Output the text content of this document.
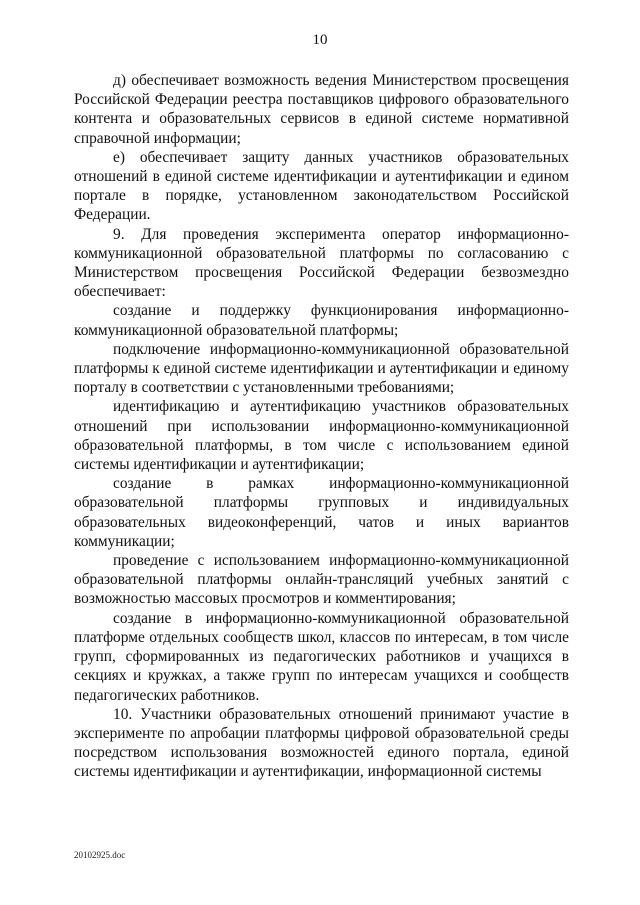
10

д) обеспечивает возможность ведения Министерством просвещения Российской Федерации реестра поставщиков цифрового образовательного контента и образовательных сервисов в единой системе нормативной справочной информации;

е) обеспечивает защиту данных участников образовательных отношений в единой системе идентификации и аутентификации и едином портале в порядке, установленном законодательством Российской Федерации.

9. Для проведения эксперимента оператор информационно-коммуникационной образовательной платформы по согласованию с Министерством просвещения Российской Федерации безвозмездно обеспечивает:

создание и поддержку функционирования информационно-коммуникационной образовательной платформы;

подключение информационно-коммуникационной образовательной платформы к единой системе идентификации и аутентификации и единому порталу в соответствии с установленными требованиями;

идентификацию и аутентификацию участников образовательных отношений при использовании информационно-коммуникационной образовательной платформы, в том числе с использованием единой системы идентификации и аутентификации;

создание в рамках информационно-коммуникационной образовательной платформы групповых и индивидуальных образовательных видеоконференций, чатов и иных вариантов коммуникации;

проведение с использованием информационно-коммуникационной образовательной платформы онлайн-трансляций учебных занятий с возможностью массовых просмотров и комментирования;

создание в информационно-коммуникационной образовательной платформе отдельных сообществ школ, классов по интересам, в том числе групп, сформированных из педагогических работников и учащихся в секциях и кружках, а также групп по интересам учащихся и сообществ педагогических работников.

10. Участники образовательных отношений принимают участие в эксперименте по апробации платформы цифровой образовательной среды посредством использования возможностей единого портала, единой системы идентификации и аутентификации, информационной системы

20102925.doc
